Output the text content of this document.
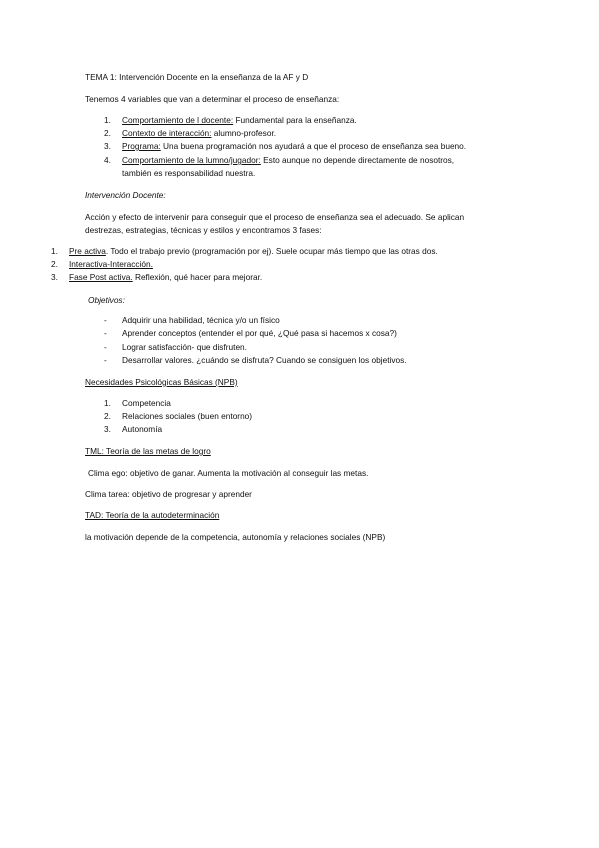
TEMA 1: Intervención Docente en la enseñanza de la AF y D
Tenemos 4 variables que van a determinar el proceso de enseñanza:
1. Comportamiento de l docente: Fundamental para la enseñanza.
2. Contexto de interacción: alumno-profesor.
3. Programa: Una buena programación nos ayudará a que el proceso de enseñanza sea bueno.
4. Comportamiento de la lumno/jugador: Esto aunque no depende directamente de nosotros,
también es responsabilidad nuestra.
Intervención Docente:
Acción y efecto de intervenir para conseguir que el proceso de enseñanza sea el adecuado. Se aplican
destrezas, estrategias, técnicas y estilos y encontramos 3 fases:
1. Pre activa. Todo el trabajo previo (programación por ej). Suele ocupar más tiempo que las otras dos.
2. Interactiva-Interacción.
3. Fase Post activa. Reflexión, qué hacer para mejorar.
Objetivos:
- Adquirir una habilidad, técnica y/o un físico
- Aprender conceptos (entender el por qué, ¿Qué pasa si hacemos x cosa?)
- Lograr satisfacción- que disfruten.
- Desarrollar valores. ¿cuándo se disfruta? Cuando se consiguen los objetivos.
Necesidades Psicológicas Básicas (NPB)
1. Competencia
2. Relaciones sociales (buen entorno)
3. Autonomía
TML: Teoría de las metas de logro
Clima ego: objetivo de ganar. Aumenta la motivación al conseguir las metas.
Clima tarea: objetivo de progresar y aprender
TAD: Teoría de la autodeterminación
la motivación depende de la competencia, autonomía y relaciones sociales (NPB)
